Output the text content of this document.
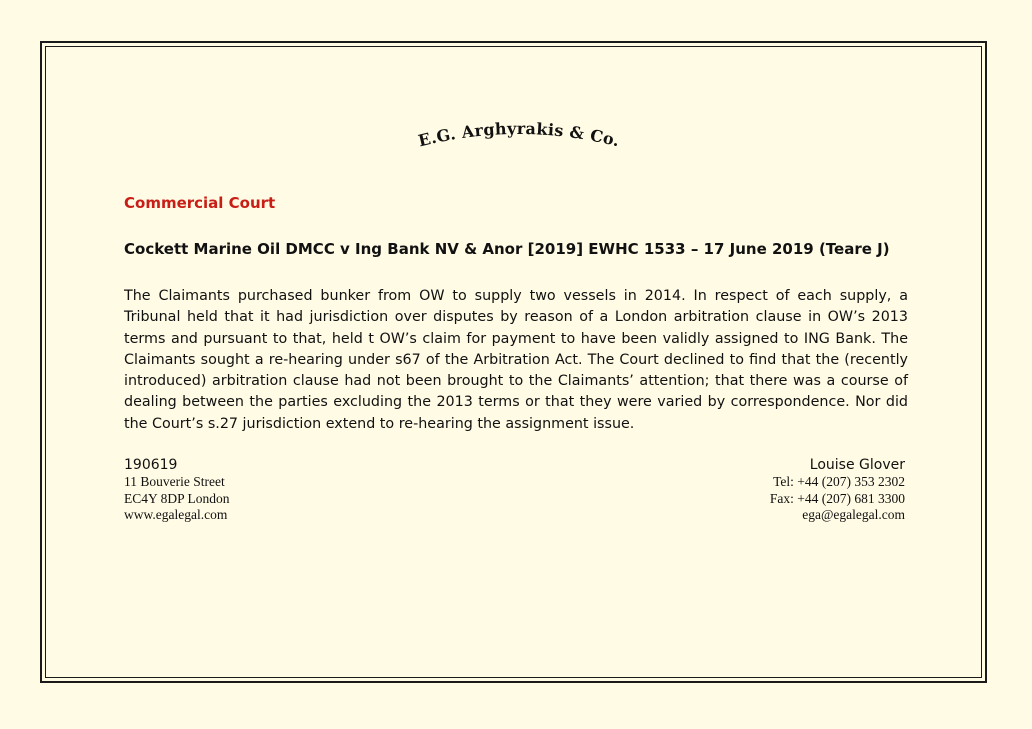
E.G. Arghyrakis & Co.
Commercial Court
Cockett Marine Oil DMCC v Ing Bank NV & Anor [2019] EWHC 1533 – 17 June 2019 (Teare J)

The Claimants purchased bunker from OW to supply two vessels in 2014. In respect of each supply, a Tribunal held that it had jurisdiction over disputes by reason of a London arbitration clause in OW’s 2013 terms and pursuant to that, held t OW’s claim for payment to have been validly assigned to ING Bank. The Claimants sought a re-hearing under s67 of the Arbitration Act. The Court declined to find that the (recently introduced) arbitration clause had not been brought to the Claimants’ attention; that there was a course of dealing between the parties excluding the 2013 terms or that they were varied by correspondence. Nor did the Court’s s.27 jurisdiction extend to re-hearing the assignment issue.

190619
11 Bouverie Street
EC4Y 8DP London
www.egalegal.com
Louise Glover
Tel: +44 (207) 353 2302
Fax: +44 (207) 681 3300
ega@egalegal.com
